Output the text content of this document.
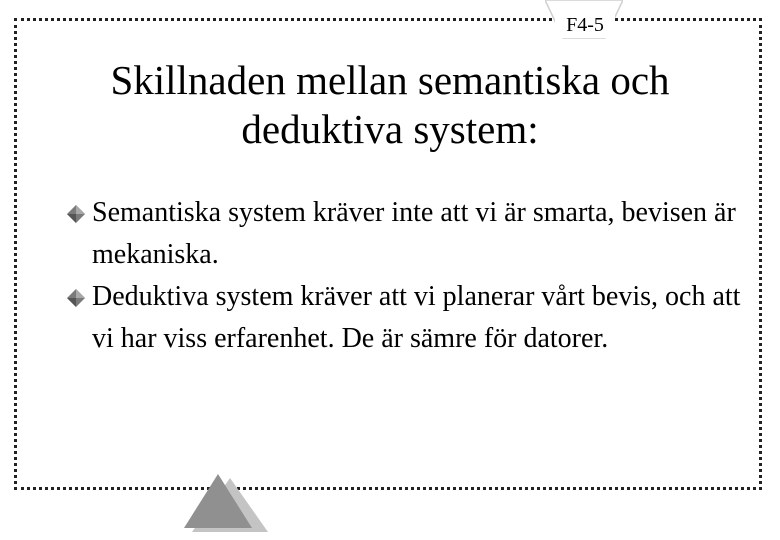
F4-5
Skillnaden mellan semantiska och
deduktiva system:
Semantiska system kräver inte att vi är smarta, bevisen är mekaniska.
Deduktiva system kräver att vi planerar vårt bevis, och att vi har viss erfarenhet. De är sämre för datorer.
